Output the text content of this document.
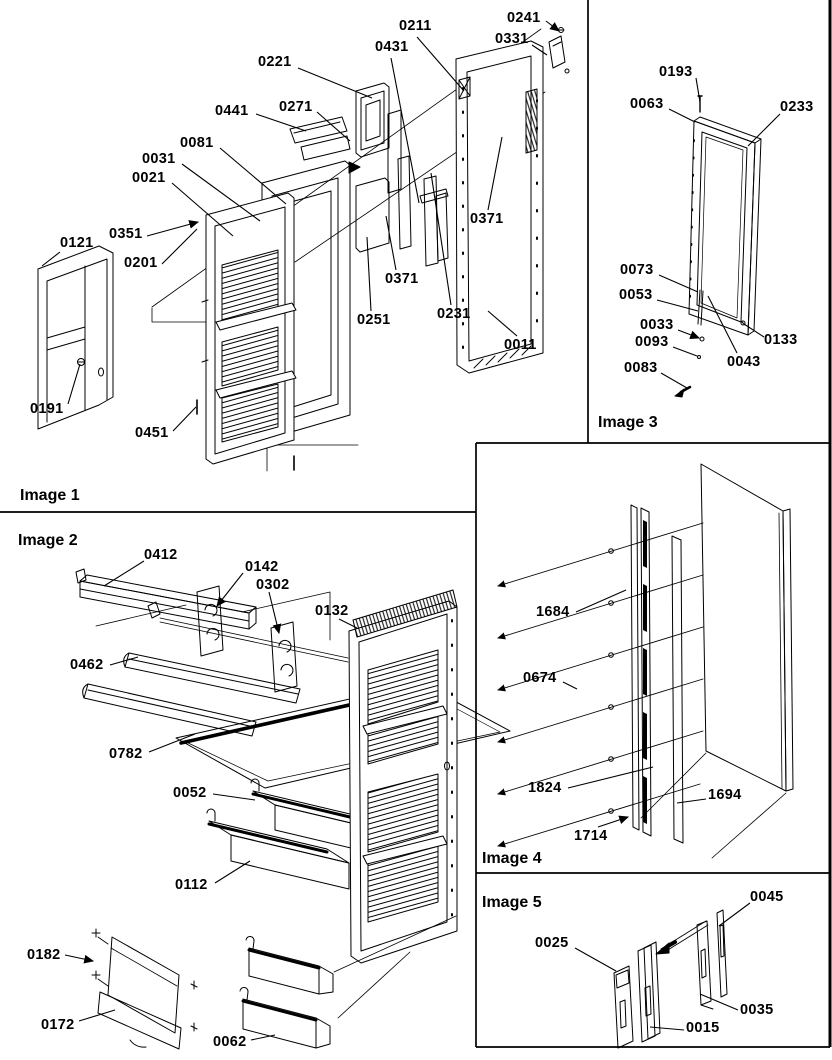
Image 1
0221
0211
0431
0241
0331
0441 0271
0081
0031
0021
0351
0201
0121
0191
0451
0371
0251	0231
0371
0011
Image 2
0412
0142
0302
0132
0462
0782
0052
0112
0182
0172
0062
Image 3
0193
0063	0233
0073
0053
0033
0093
0083
0133
0043
Image 4
1684
0674
1824	1694
1714
Image 5
0025
0045
0035
0015
